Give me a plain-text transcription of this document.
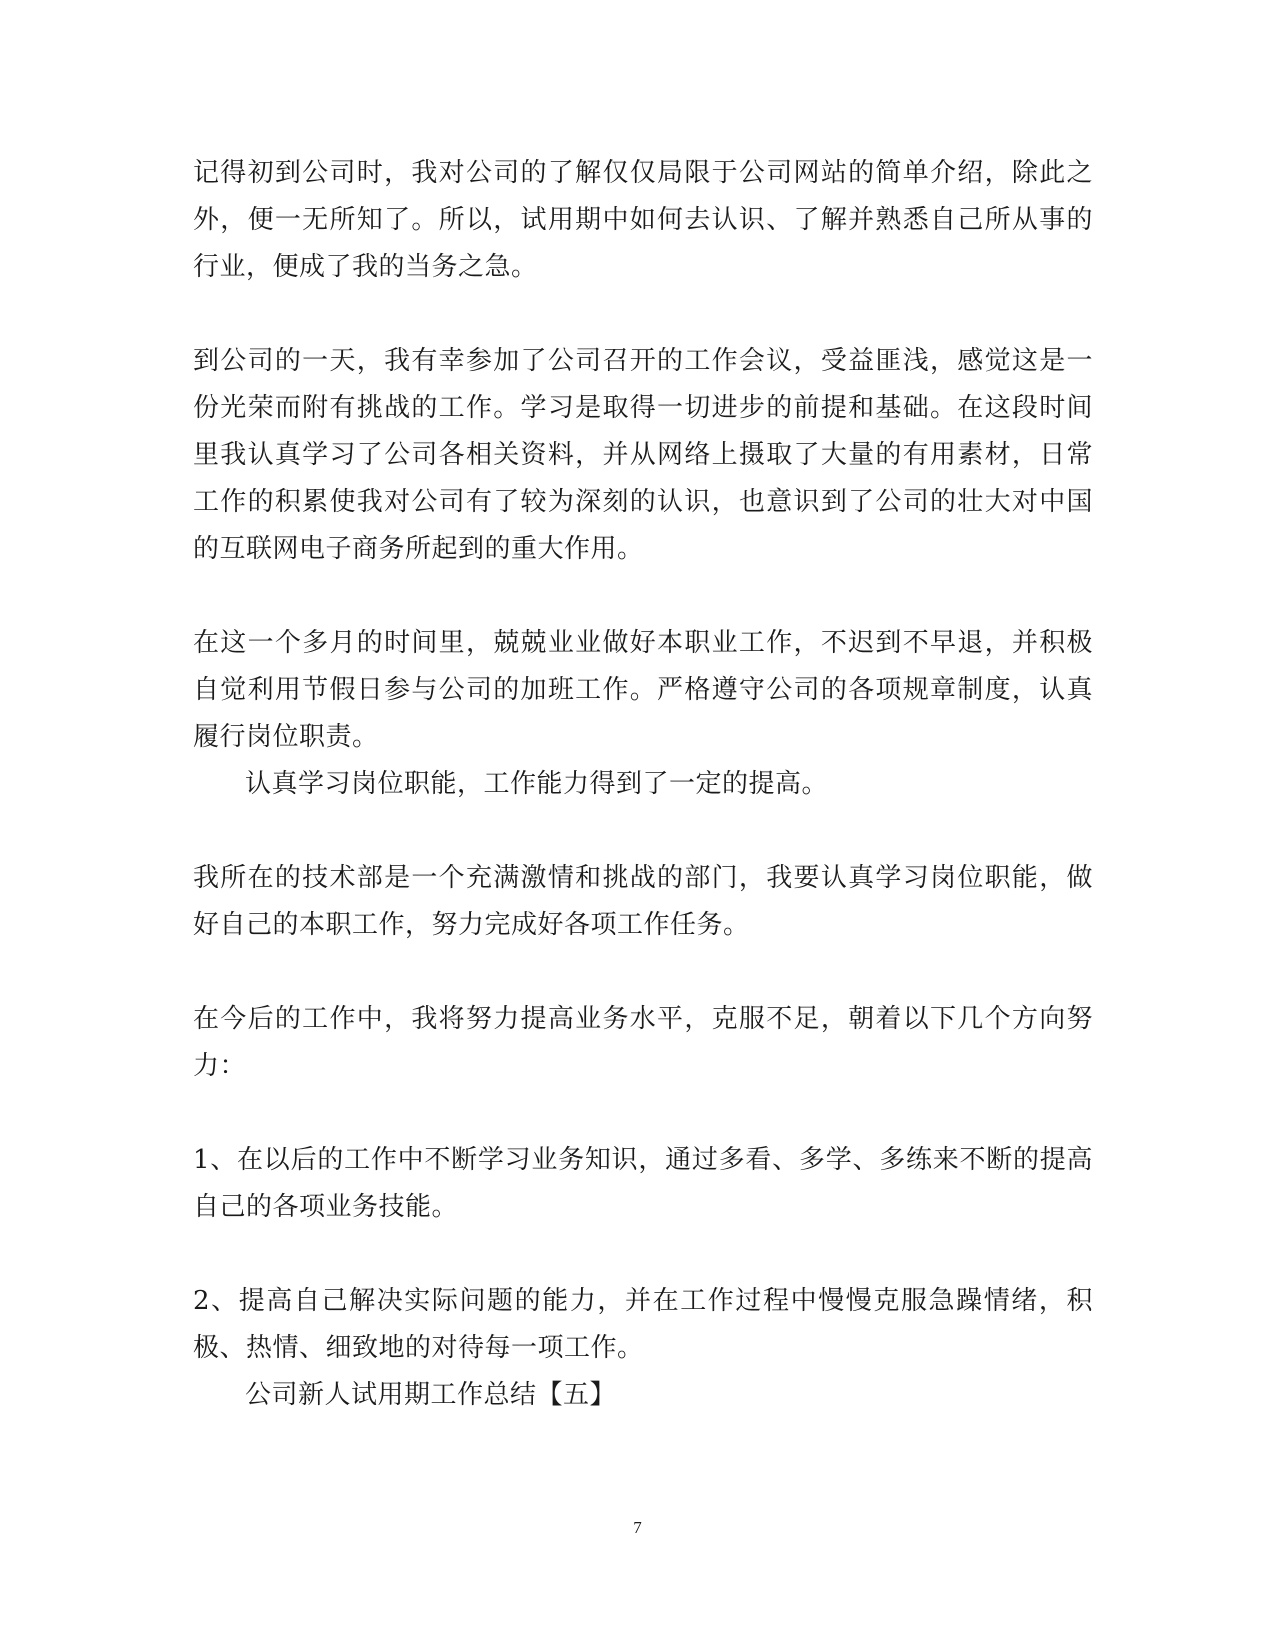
记得初到公司时，我对公司的了解仅仅局限于公司网站的简单介绍，除此之外，便一无所知了。所以，试用期中如何去认识、了解并熟悉自己所从事的行业，便成了我的当务之急。

到公司的一天，我有幸参加了公司召开的工作会议，受益匪浅，感觉这是一份光荣而附有挑战的工作。学习是取得一切进步的前提和基础。在这段时间里我认真学习了公司各相关资料，并从网络上摄取了大量的有用素材，日常工作的积累使我对公司有了较为深刻的认识，也意识到了公司的壮大对中国的互联网电子商务所起到的重大作用。

在这一个多月的时间里，兢兢业业做好本职业工作，不迟到不早退，并积极自觉利用节假日参与公司的加班工作。严格遵守公司的各项规章制度，认真履行岗位职责。

认真学习岗位职能，工作能力得到了一定的提高。

我所在的技术部是一个充满激情和挑战的部门，我要认真学习岗位职能，做好自己的本职工作，努力完成好各项工作任务。

在今后的工作中，我将努力提高业务水平，克服不足，朝着以下几个方向努力：

1、在以后的工作中不断学习业务知识，通过多看、多学、多练来不断的提高自己的各项业务技能。

2、提高自己解决实际问题的能力，并在工作过程中慢慢克服急躁情绪，积极、热情、细致地的对待每一项工作。

公司新人试用期工作总结【五】

7
